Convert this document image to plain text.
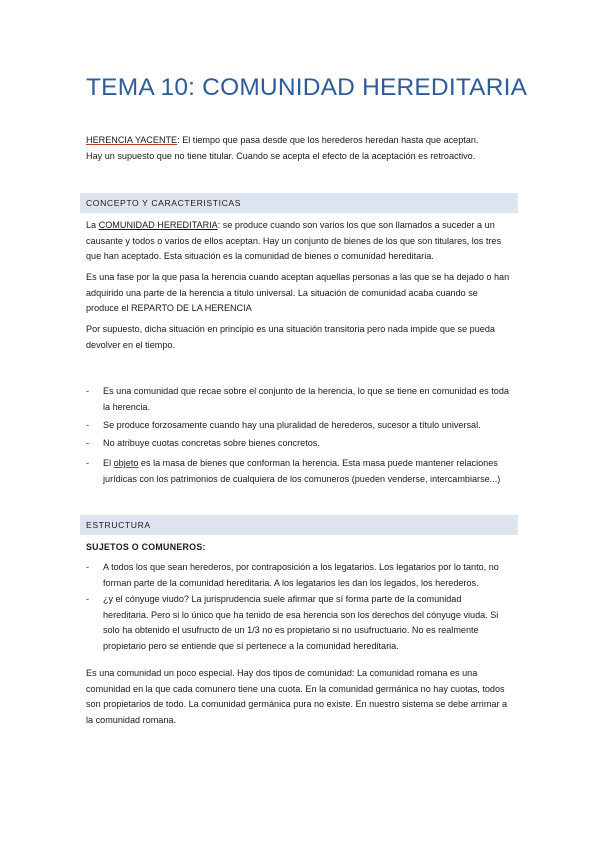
TEMA 10: COMUNIDAD HEREDITARIA
HERENCIA YACENTE: El tiempo que pasa desde que los herederos heredan hasta que aceptan.
Hay un supuesto que no tiene titular. Cuando se acepta el efecto de la aceptación es retroactivo.
CONCEPTO Y CARACTERISTICAS
La COMUNIDAD HEREDITARIA: se produce cuando son varios los que son llamados a suceder a un
causante y todos o varios de ellos aceptan. Hay un conjunto de bienes de los que son titulares, los tres
que han aceptado. Esta situación es la comunidad de bienes o comunidad hereditaria.
Es una fase por la que pasa la herencia cuando aceptan aquellas personas a las que se ha dejado o han
adquirido una parte de la herencia a título universal. La situación de comunidad acaba cuando se
produce el REPARTO DE LA HERENCIA
Por supuesto, dicha situación en principio es una situación transitoria pero nada impide que se pueda
devolver en el tiempo.
- Es una comunidad que recae sobre el conjunto de la herencia, lo que se tiene en comunidad es toda
la herencia.
- Se produce forzosamente cuando hay una pluralidad de herederos, sucesor a título universal.
- No atribuye cuotas concretas sobre bienes concretos.
- El objeto es la masa de bienes que conforman la herencia. Esta masa puede mantener relaciones
jurídicas con los patrimonios de cualquiera de los comuneros (pueden venderse, intercambiarse...)
ESTRUCTURA
SUJETOS O COMUNEROS:
- A todos los que sean herederos, por contraposición a los legatarios. Los legatarios por lo tanto, no
forman parte de la comunidad hereditaria. A los legatarios les dan los legados, los herederos.
- ¿y el cónyuge viudo? La jurisprudencia suele afirmar que sí forma parte de la comunidad
hereditaria. Pero si lo único que ha tenido de esa herencia son los derechos del cónyuge viuda. Si
solo ha obtenido el usufructo de un 1/3 no es propietario si no usufructuario. No es realmente
propietario pero se entiende que sí pertenece a la comunidad hereditaria.
Es una comunidad un poco especial. Hay dos tipos de comunidad: La comunidad romana es una
comunidad en la que cada comunero tiene una cuota. En la comunidad germánica no hay cuotas, todos
son propietarios de todo. La comunidad germánica pura no existe. En nuestro sistema se debe arrimar a
la comunidad romana.
